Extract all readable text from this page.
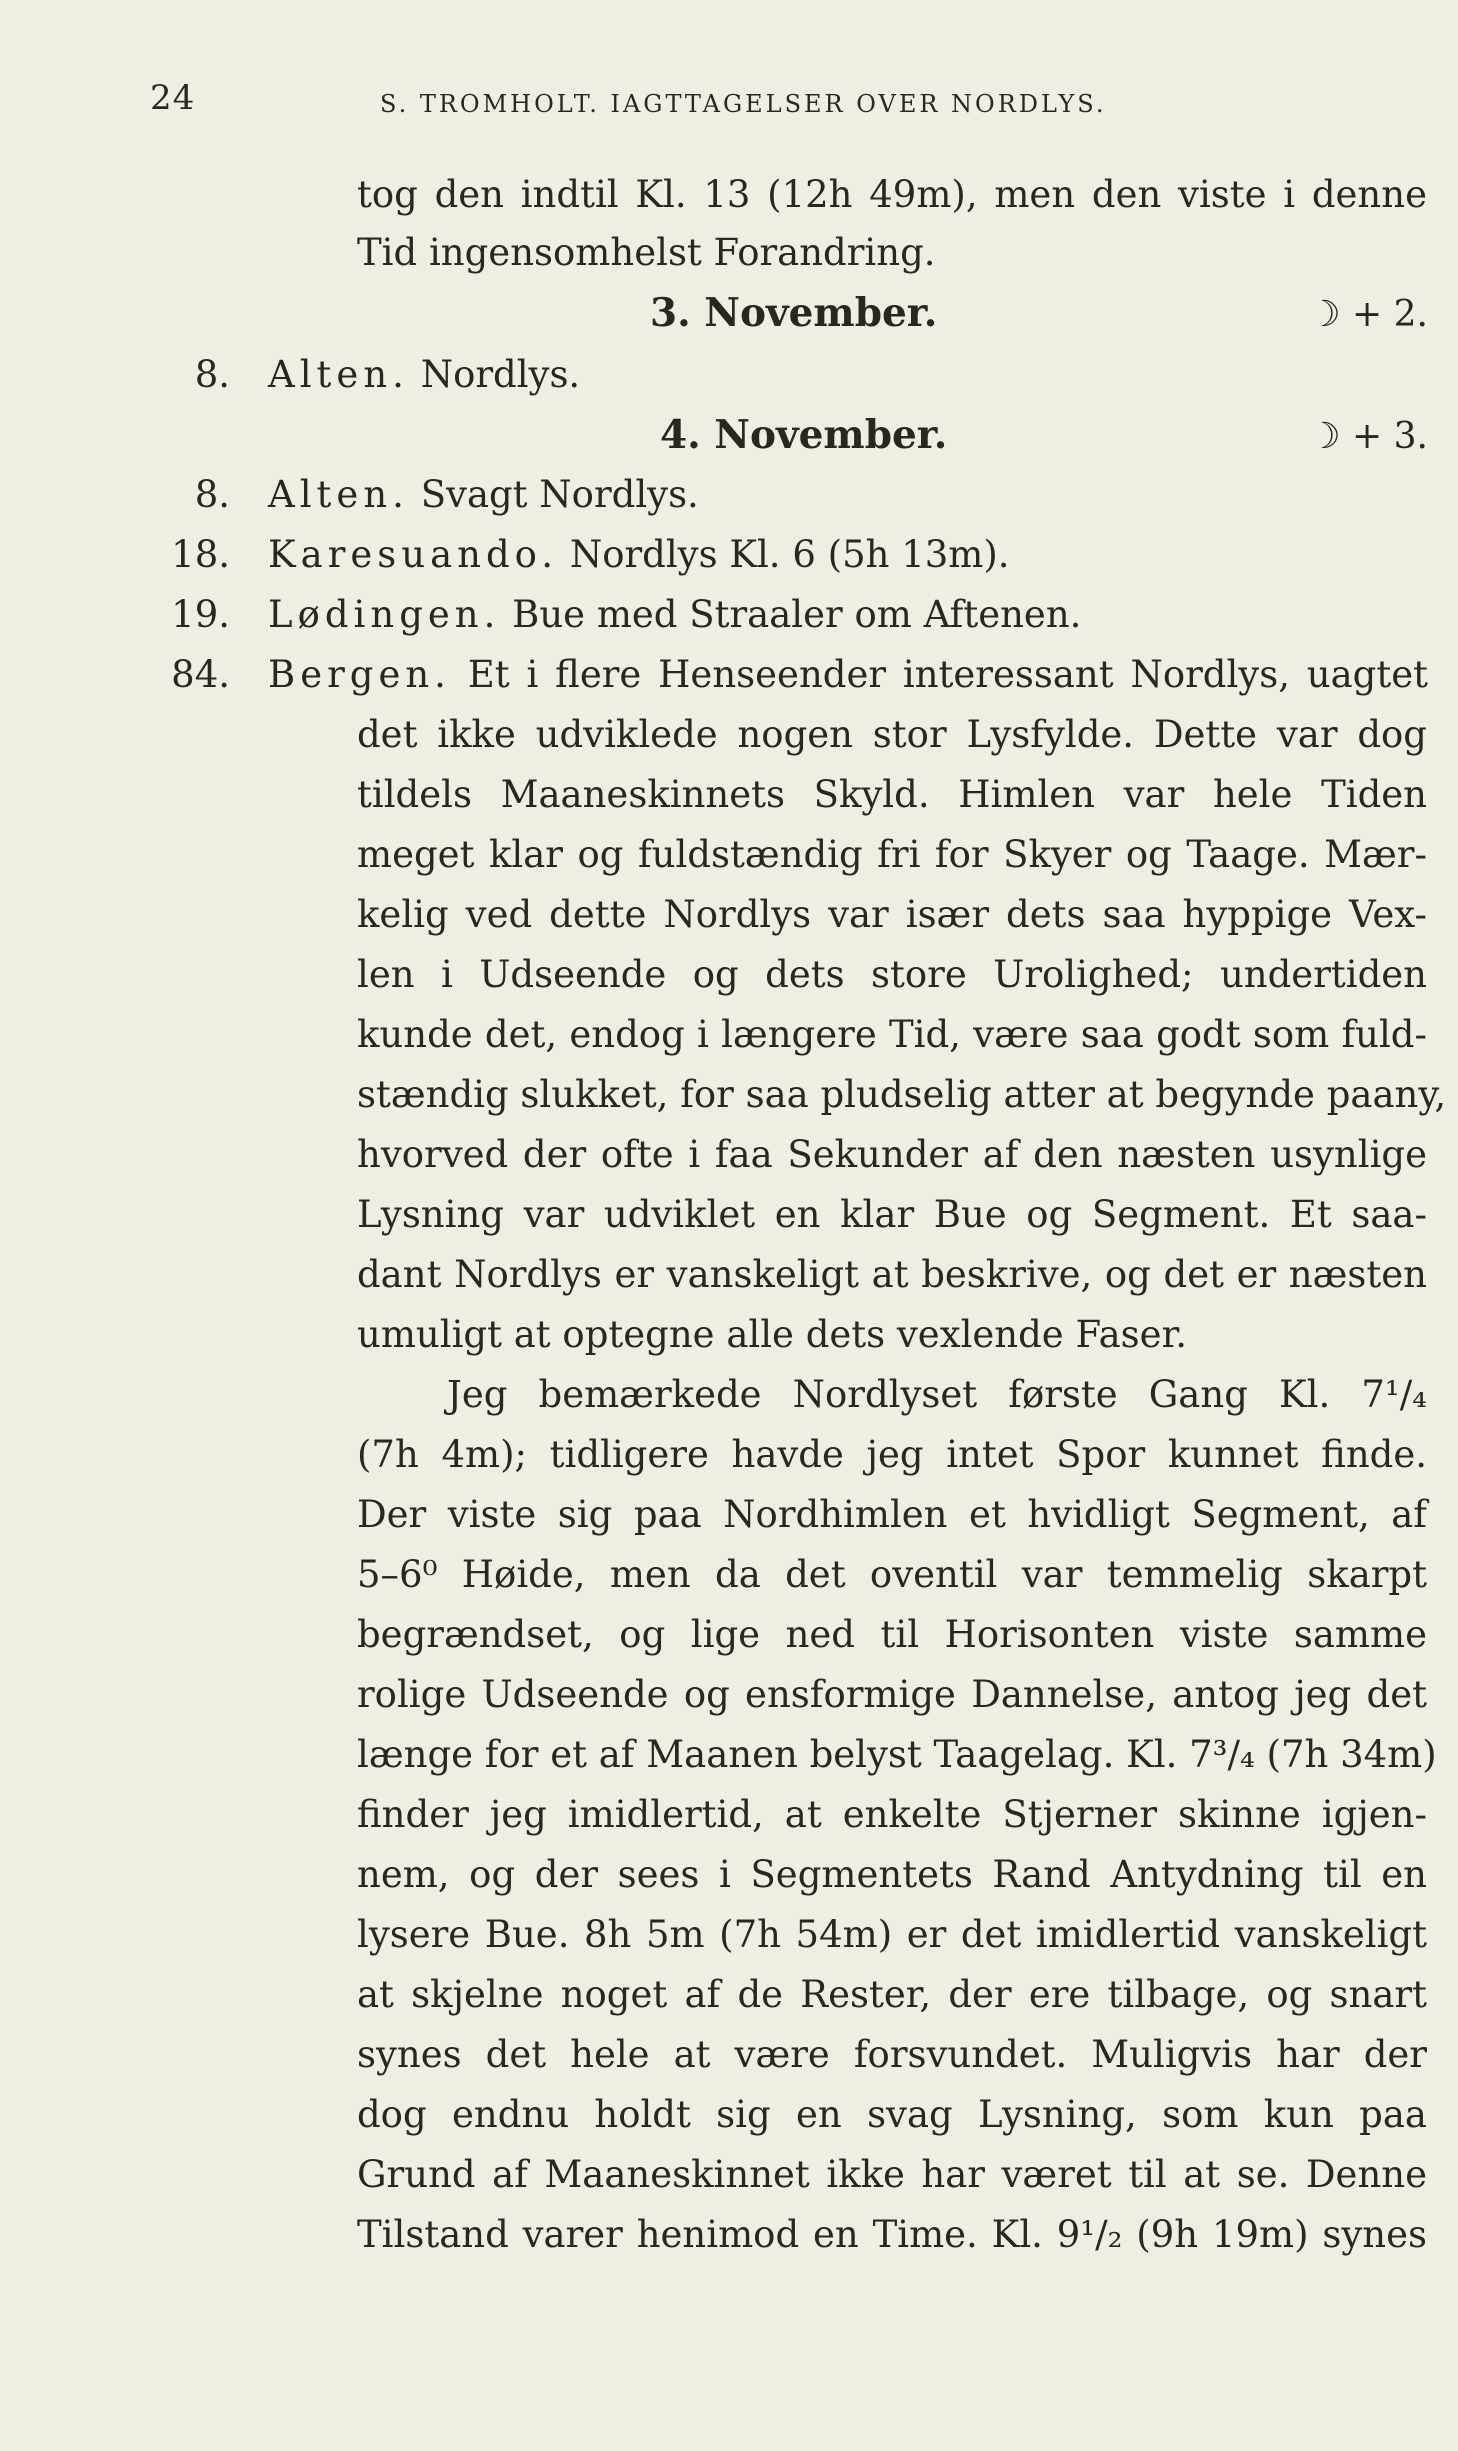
24	S. TROMHOLT. IAGTTAGELSER OVER NORDLYS.
tog den indtil Kl. 13 (12h 49m), men den viste i denne
Tid ingensomhelst Forandring.
3. November.	☽ + 2.
8. Alten. Nordlys.
4. November.	☽ + 3.
8. Alten. Svagt Nordlys.
18. Karesuando. Nordlys Kl. 6 (5h 13m).
19. Lødingen. Bue med Straaler om Aftenen.
84. Bergen. Et i flere Henseender interessant Nordlys, uagtet
det ikke udviklede nogen stor Lysfylde. Dette var dog
tildels Maaneskinnets Skyld. Himlen var hele Tiden
meget klar og fuldstændig fri for Skyer og Taage. Mær-
kelig ved dette Nordlys var især dets saa hyppige Vex-
len i Udseende og dets store Urolighed; undertiden
kunde det, endog i længere Tid, være saa godt som fuld-
stændig slukket, for saa pludselig atter at begynde paany,
hvorved der ofte i faa Sekunder af den næsten usynlige
Lysning var udviklet en klar Bue og Segment. Et saa-
dant Nordlys er vanskeligt at beskrive, og det er næsten
umuligt at optegne alle dets vexlende Faser.
Jeg bemærkede Nordlyset første Gang Kl. 7¹/₄
(7h 4m); tidligere havde jeg intet Spor kunnet finde.
Der viste sig paa Nordhimlen et hvidligt Segment, af
5–6⁰ Høide, men da det oventil var temmelig skarpt
begrændset, og lige ned til Horisonten viste samme
rolige Udseende og ensformige Dannelse, antog jeg det
længe for et af Maanen belyst Taagelag. Kl. 7³/₄ (7h 34m)
finder jeg imidlertid, at enkelte Stjerner skinne igjen-
nem, og der sees i Segmentets Rand Antydning til en
lysere Bue. 8h 5m (7h 54m) er det imidlertid vanskeligt
at skjelne noget af de Rester, der ere tilbage, og snart
synes det hele at være forsvundet. Muligvis har der
dog endnu holdt sig en svag Lysning, som kun paa
Grund af Maaneskinnet ikke har været til at se. Denne
Tilstand varer henimod en Time. Kl. 9¹/₂ (9h 19m) synes
